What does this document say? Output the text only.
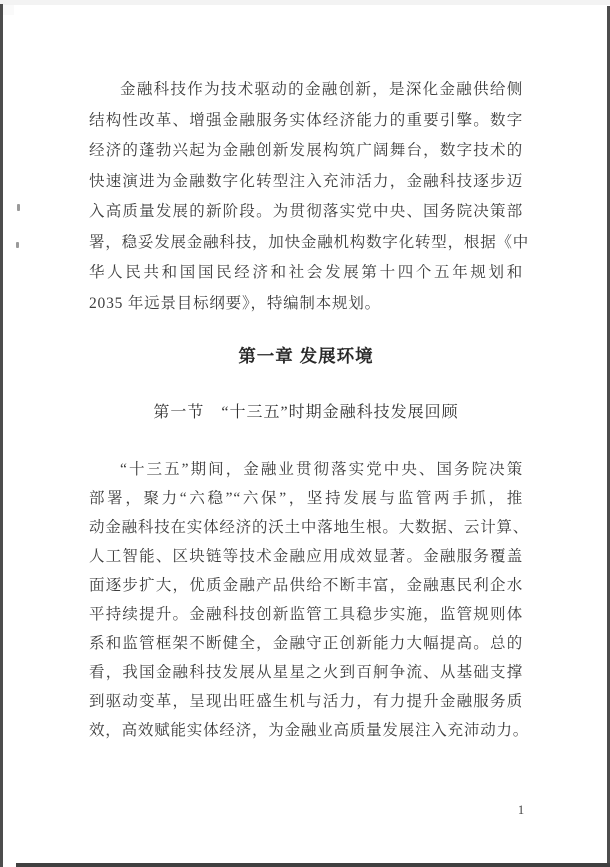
金融科技作为技术驱动的金融创新，是深化金融供给侧
结构性改革、增强金融服务实体经济能力的重要引擎。数字
经济的蓬勃兴起为金融创新发展构筑广阔舞台，数字技术的
快速演进为金融数字化转型注入充沛活力，金融科技逐步迈
入高质量发展的新阶段。为贯彻落实党中央、国务院决策部
署，稳妥发展金融科技，加快金融机构数字化转型，根据《中
华人民共和国国民经济和社会发展第十四个五年规划和
2035 年远景目标纲要》，特编制本规划。
第一章 发展环境
第一节　“十三五”时期金融科技发展回顾
“十三五”期间，金融业贯彻落实党中央、国务院决策
部署，聚力“六稳”“六保”，坚持发展与监管两手抓，推
动金融科技在实体经济的沃土中落地生根。大数据、云计算、
人工智能、区块链等技术金融应用成效显著。金融服务覆盖
面逐步扩大，优质金融产品供给不断丰富，金融惠民利企水
平持续提升。金融科技创新监管工具稳步实施，监管规则体
系和监管框架不断健全，金融守正创新能力大幅提高。总的
看，我国金融科技发展从星星之火到百舸争流、从基础支撑
到驱动变革，呈现出旺盛生机与活力，有力提升金融服务质
效，高效赋能实体经济，为金融业高质量发展注入充沛动力。
1
